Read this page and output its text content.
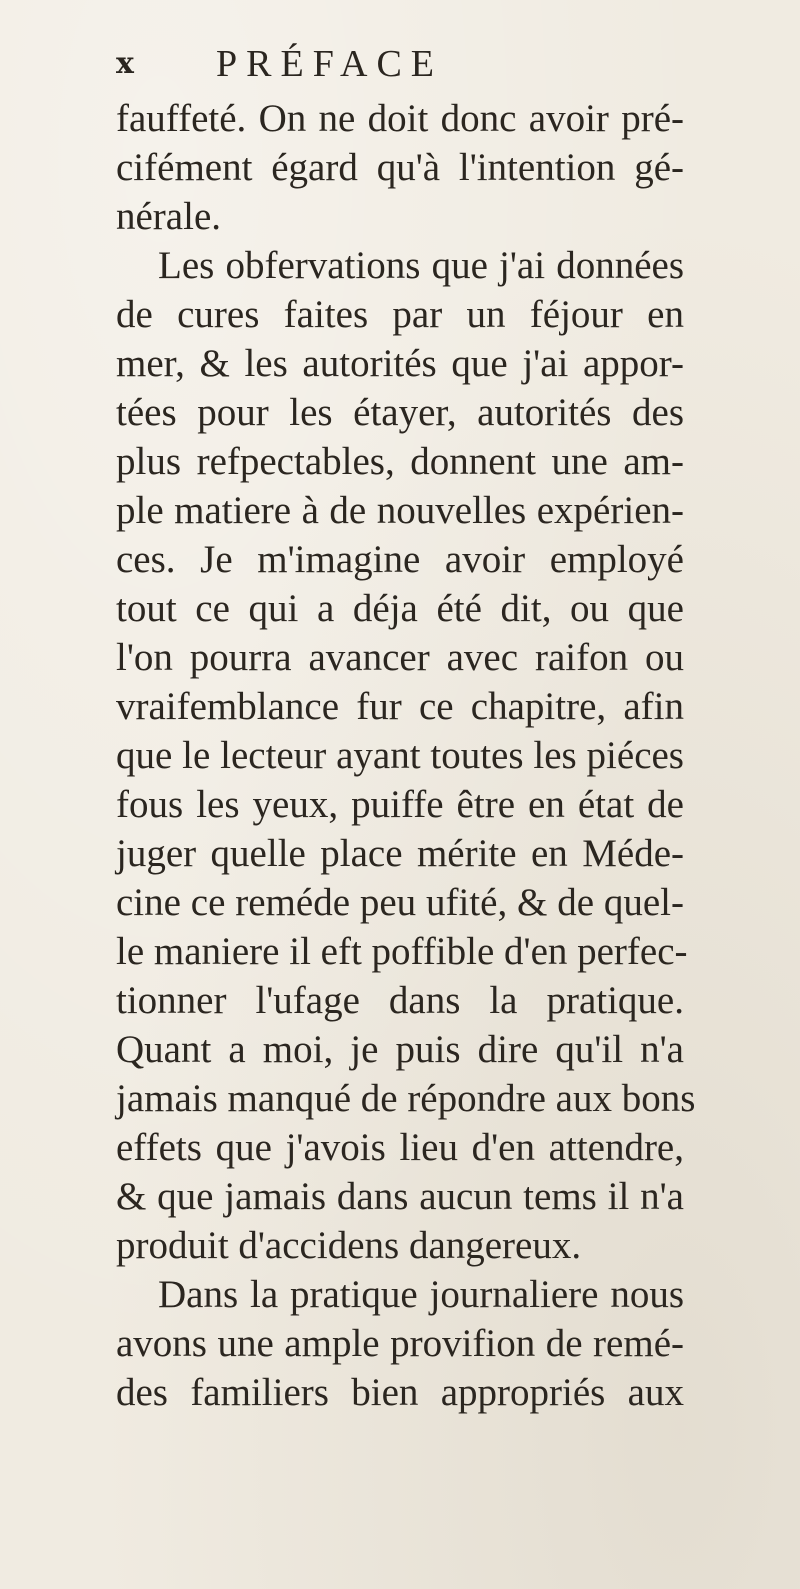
x PRÉFACE
fauffeté. On ne doit donc avoir pré-
cifément égard qu'à l'intention gé-
nérale.
Les obfervations que j'ai données
de cures faites par un féjour en
mer, & les autorités que j'ai appor-
tées pour les étayer, autorités des
plus refpectables, donnent une am-
ple matiere à de nouvelles expérien-
ces. Je m'imagine avoir employé
tout ce qui a déja été dit, ou que
l'on pourra avancer avec raifon ou
vraifemblance fur ce chapitre, afin
que le lecteur ayant toutes les piéces
fous les yeux, puiffe être en état de
juger quelle place mérite en Méde-
cine ce reméde peu ufité, & de quel-
le maniere il eft poffible d'en perfec-
tionner l'ufage dans la pratique.
Quant a moi, je puis dire qu'il n'a
jamais manqué de répondre aux bons
effets que j'avois lieu d'en attendre,
& que jamais dans aucun tems il n'a
produit d'accidens dangereux.
Dans la pratique journaliere nous
avons une ample provifion de remé-
des familiers bien appropriés aux
